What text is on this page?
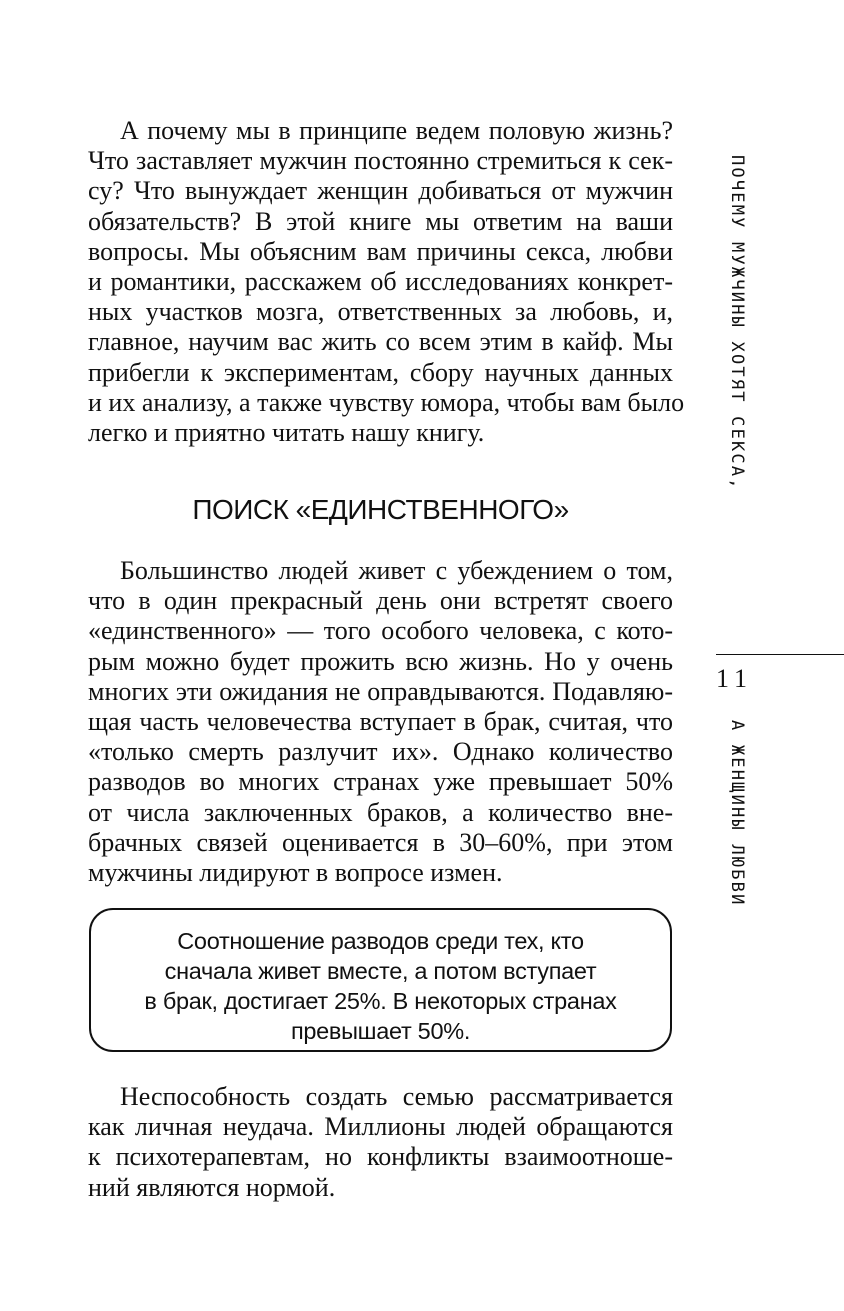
А почему мы в принципе ведем половую жизнь?
Что заставляет мужчин постоянно стремиться к сек-
су? Что вынуждает женщин добиваться от мужчин
обязательств? В этой книге мы ответим на ваши
вопросы. Мы объясним вам причины секса, любви
и романтики, расскажем об исследованиях конкрет-
ных участков мозга, ответственных за любовь, и,
главное, научим вас жить со всем этим в кайф. Мы
прибегли к экспериментам, сбору научных данных
и их анализу, а также чувству юмора, чтобы вам было
легко и приятно читать нашу книгу.
ПОИСК «ЕДИНСТВЕННОГО»
Большинство людей живет с убеждением о том,
что в один прекрасный день они встретят своего
«единственного» — того особого человека, с кото-
рым можно будет прожить всю жизнь. Но у очень
многих эти ожидания не оправдываются. Подавляю-
щая часть человечества вступает в брак, считая, что
«только смерть разлучит их». Однако количество
разводов во многих странах уже превышает 50%
от числа заключенных браков, а количество вне-
брачных связей оценивается в 30–60%, при этом
мужчины лидируют в вопросе измен.
Соотношение разводов среди тех, кто
сначала живет вместе, а потом вступает
в брак, достигает 25%. В некоторых странах
превышает 50%.
Неспособность создать семью рассматривается
как личная неудача. Миллионы людей обращаются
к психотерапевтам, но конфликты взаимоотноше-
ний являются нормой.
ПОЧЕМУ МУЖЧИНЫ ХОТЯТ СЕКСА,
11
А ЖЕНЩИНЫ ЛЮБВИ
